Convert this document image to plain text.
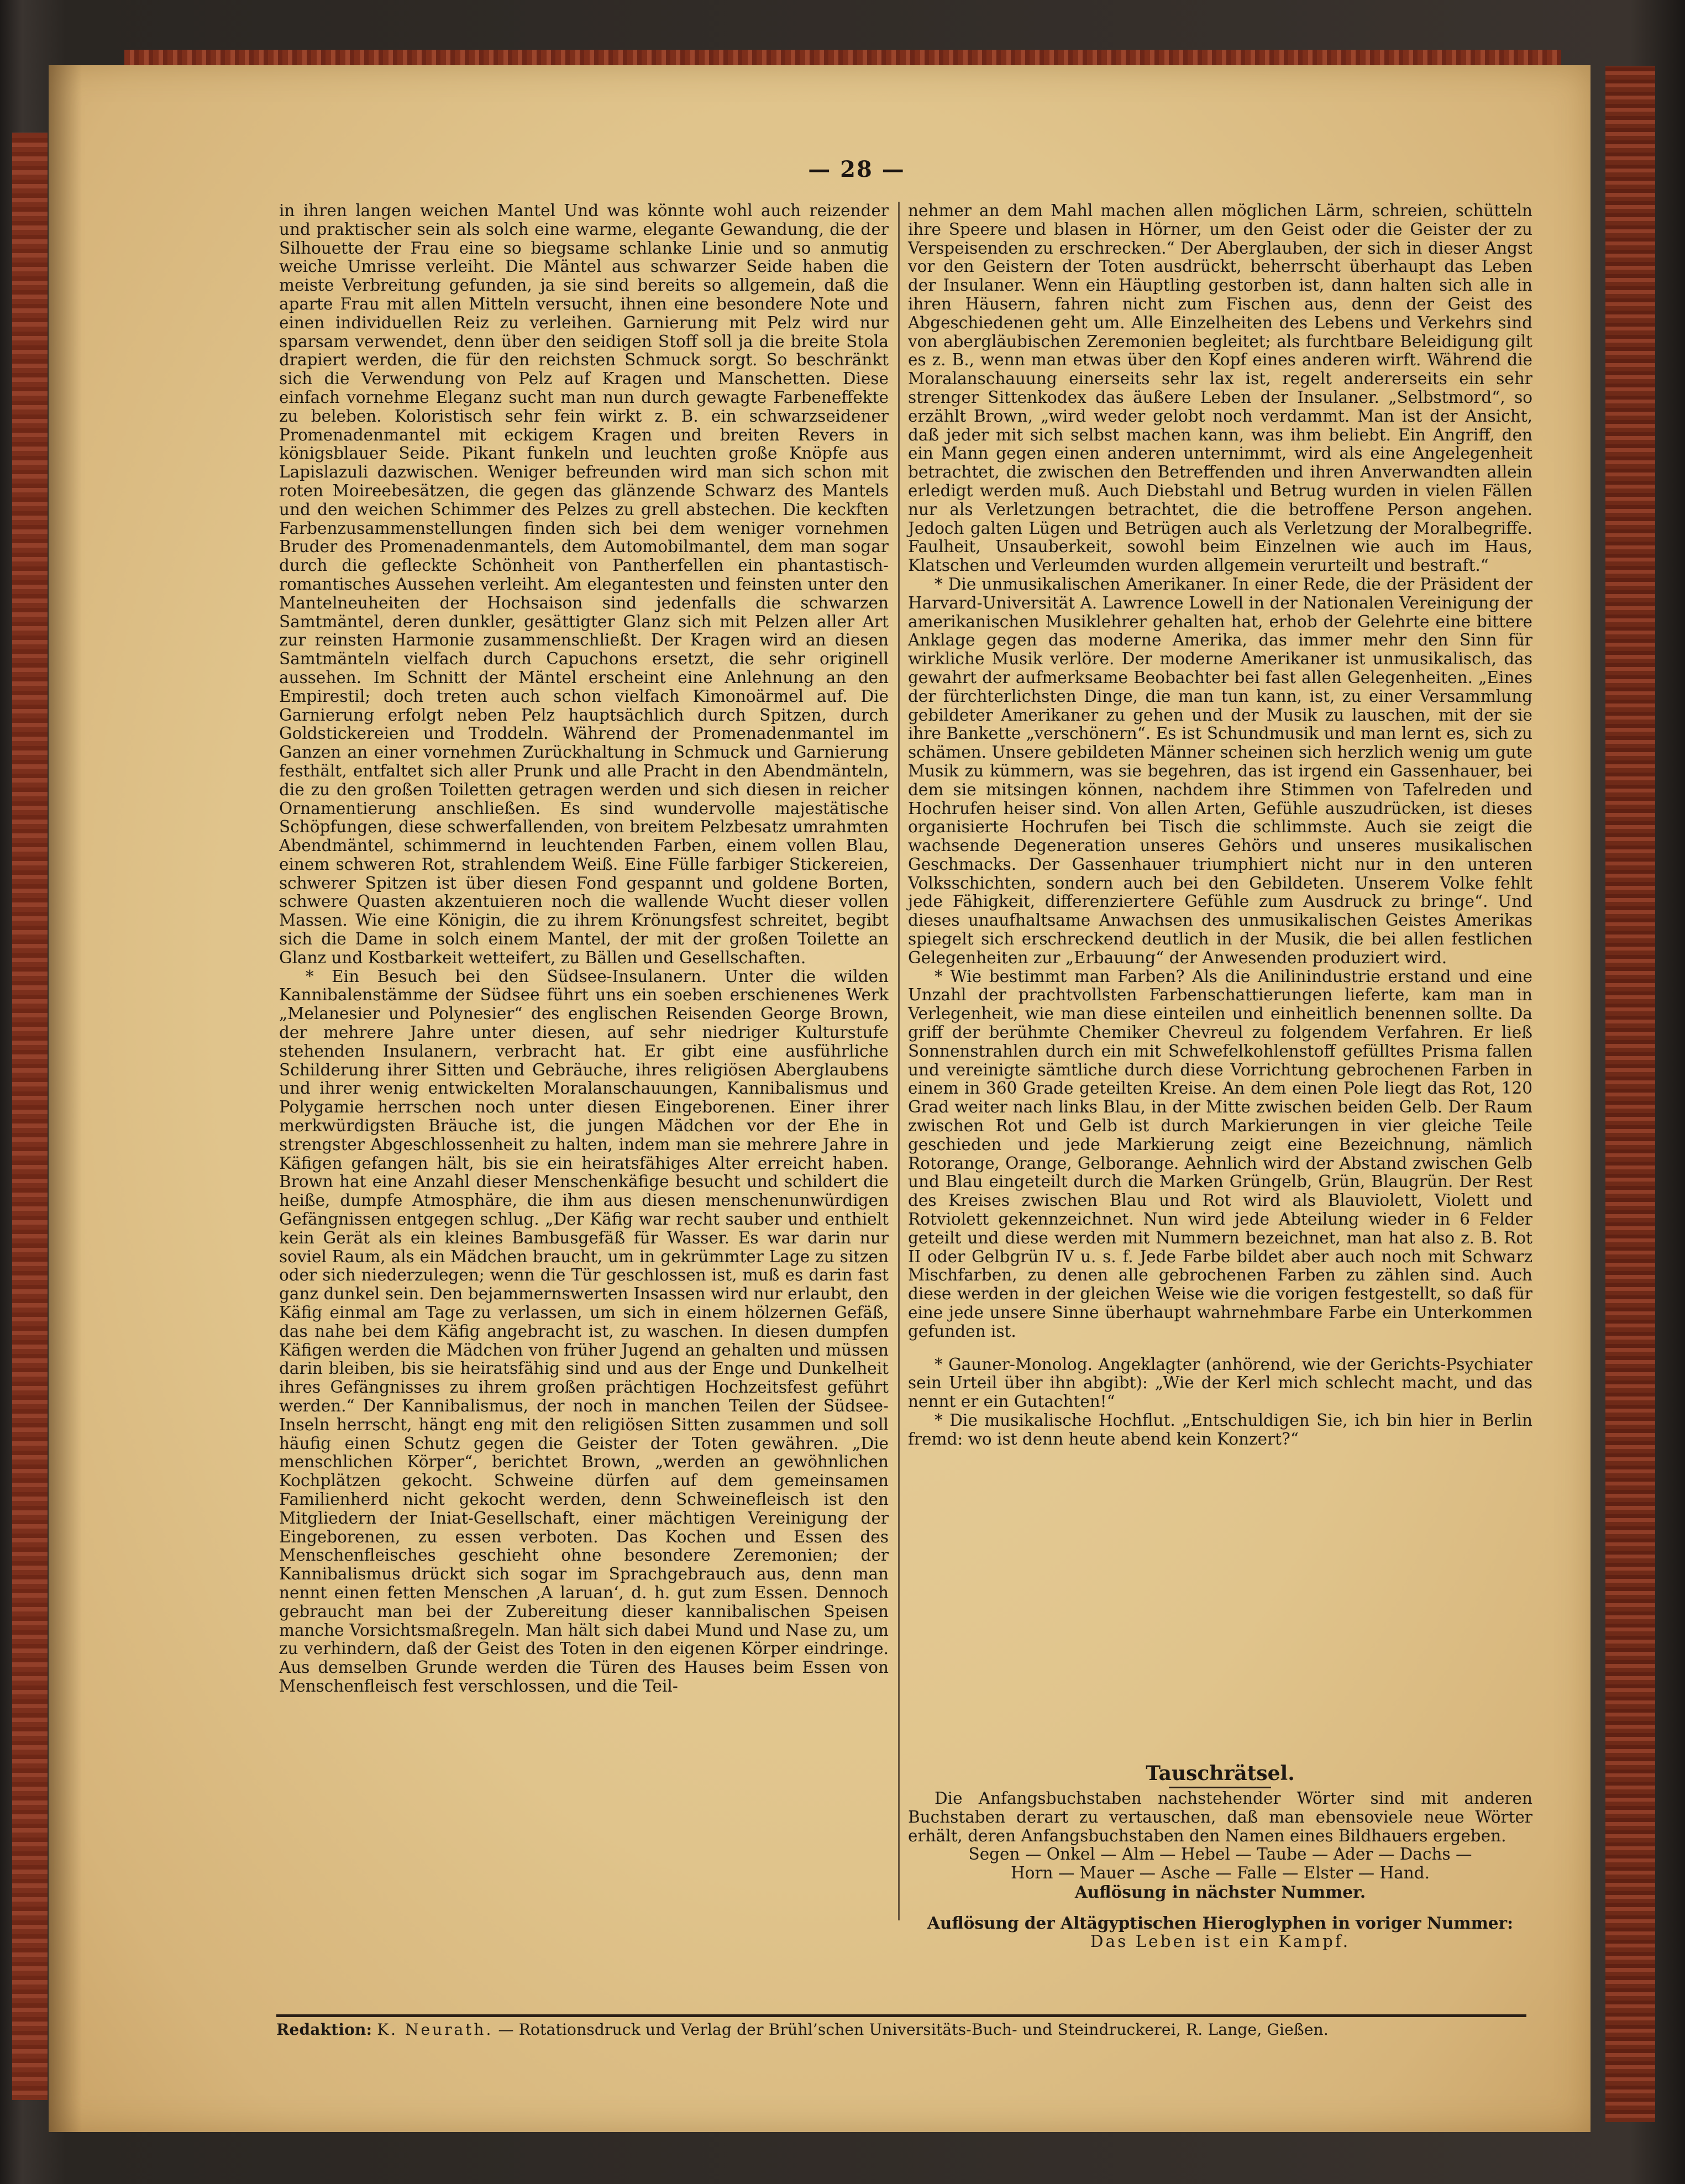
— 28 —

in ihren langen weichen Mantel Und was könnte wohl auch reizender und praktischer sein als solch eine warme, elegante Gewandung, die der Silhouette der Frau eine so biegsame schlanke Linie und so anmutig weiche Umrisse verleiht. Die Mäntel aus schwarzer Seide haben die meiste Verbreitung gefunden, ja sie sind bereits so allgemein, daß die aparte Frau mit allen Mitteln versucht, ihnen eine besondere Note und einen individuellen Reiz zu verleihen. Garnierung mit Pelz wird nur sparsam verwendet, denn über den seidigen Stoff soll ja die breite Stola drapiert werden, die für den reichsten Schmuck sorgt. So beschränkt sich die Verwendung von Pelz auf Kragen und Manschetten. Diese einfach vornehme Eleganz sucht man nun durch gewagte Farbeneffekte zu beleben. Koloristisch sehr fein wirkt z. B. ein schwarzseidener Promenadenmantel mit eckigem Kragen und breiten Revers in königsblauer Seide. Pikant funkeln und leuchten große Knöpfe aus Lapislazuli dazwischen. Weniger befreunden wird man sich schon mit roten Moireebesätzen, die gegen das glänzende Schwarz des Mantels und den weichen Schimmer des Pelzes zu grell abstechen. Die keckften Farbenzusammenstellungen finden sich bei dem weniger vornehmen Bruder des Promenadenmantels, dem Automobilmantel, dem man sogar durch die gefleckte Schönheit von Pantherfellen ein phantastisch-romantisches Aussehen verleiht. Am elegantesten und feinsten unter den Mantelneuheiten der Hochsaison sind jedenfalls die schwarzen Samtmäntel, deren dunkler, gesättigter Glanz sich mit Pelzen aller Art zur reinsten Harmonie zusammenschließt. Der Kragen wird an diesen Samtmänteln vielfach durch Capuchons ersetzt, die sehr originell aussehen. Im Schnitt der Mäntel erscheint eine Anlehnung an den Empirestil; doch treten auch schon vielfach Kimonoärmel auf. Die Garnierung erfolgt neben Pelz hauptsächlich durch Spitzen, durch Goldstickereien und Troddeln. Während der Promenadenmantel im Ganzen an einer vornehmen Zurückhaltung in Schmuck und Garnierung festhält, entfaltet sich aller Prunk und alle Pracht in den Abendmänteln, die zu den großen Toiletten getragen werden und sich diesen in reicher Ornamentierung anschließen. Es sind wundervolle majestätische Schöpfungen, diese schwerfallenden, von breitem Pelzbesatz umrahmten Abendmäntel, schimmernd in leuchtenden Farben, einem vollen Blau, einem schweren Rot, strahlendem Weiß. Eine Fülle farbiger Stickereien, schwerer Spitzen ist über diesen Fond gespannt und goldene Borten, schwere Quasten akzentuieren noch die wallende Wucht dieser vollen Massen. Wie eine Königin, die zu ihrem Krönungsfest schreitet, begibt sich die Dame in solch einem Mantel, der mit der großen Toilette an Glanz und Kostbarkeit wetteifert, zu Bällen und Gesellschaften.

* Ein Besuch bei den Südsee-Insulanern. Unter die wilden Kannibalenstämme der Südsee führt uns ein soeben erschienenes Werk „Melanesier und Polynesier“ des englischen Reisenden George Brown, der mehrere Jahre unter diesen, auf sehr niedriger Kulturstufe stehenden Insulanern, verbracht hat. Er gibt eine ausführliche Schilderung ihrer Sitten und Gebräuche, ihres religiösen Aberglaubens und ihrer wenig entwickelten Moralanschauungen, Kannibalismus und Polygamie herrschen noch unter diesen Eingeborenen. Einer ihrer merkwürdigsten Bräuche ist, die jungen Mädchen vor der Ehe in strengster Abgeschlossenheit zu halten, indem man sie mehrere Jahre in Käfigen gefangen hält, bis sie ein heiratsfähiges Alter erreicht haben. Brown hat eine Anzahl dieser Menschenkäfige besucht und schildert die heiße, dumpfe Atmosphäre, die ihm aus diesen menschenunwürdigen Gefängnissen entgegen schlug. „Der Käfig war recht sauber und enthielt kein Gerät als ein kleines Bambusgefäß für Wasser. Es war darin nur soviel Raum, als ein Mädchen braucht, um in gekrümmter Lage zu sitzen oder sich niederzulegen; wenn die Tür geschlossen ist, muß es darin fast ganz dunkel sein. Den bejammernswerten Insassen wird nur erlaubt, den Käfig einmal am Tage zu verlassen, um sich in einem hölzernen Gefäß, das nahe bei dem Käfig angebracht ist, zu waschen. In diesen dumpfen Käfigen werden die Mädchen von früher Jugend an gehalten und müssen darin bleiben, bis sie heiratsfähig sind und aus der Enge und Dunkelheit ihres Gefängnisses zu ihrem großen prächtigen Hochzeitsfest geführt werden.“ Der Kannibalismus, der noch in manchen Teilen der Südsee-Inseln herrscht, hängt eng mit den religiösen Sitten zusammen und soll häufig einen Schutz gegen die Geister der Toten gewähren. „Die menschlichen Körper“, berichtet Brown, „werden an gewöhnlichen Kochplätzen gekocht. Schweine dürfen auf dem gemeinsamen Familienherd nicht gekocht werden, denn Schweinefleisch ist den Mitgliedern der Iniat-Gesellschaft, einer mächtigen Vereinigung der Eingeborenen, zu essen verboten. Das Kochen und Essen des Menschenfleisches geschieht ohne besondere Zeremonien; der Kannibalismus drückt sich sogar im Sprachgebrauch aus, denn man nennt einen fetten Menschen ‚A laruan‘, d. h. gut zum Essen. Dennoch gebraucht man bei der Zubereitung dieser kannibalischen Speisen manche Vorsichtsmaßregeln. Man hält sich dabei Mund und Nase zu, um zu verhindern, daß der Geist des Toten in den eigenen Körper eindringe. Aus demselben Grunde werden die Türen des Hauses beim Essen von Menschenfleisch fest verschlossen, und die Teil-

nehmer an dem Mahl machen allen möglichen Lärm, schreien, schütteln ihre Speere und blasen in Hörner, um den Geist oder die Geister der zu Verspeisenden zu erschrecken.“ Der Aberglauben, der sich in dieser Angst vor den Geistern der Toten ausdrückt, beherrscht überhaupt das Leben der Insulaner. Wenn ein Häuptling gestorben ist, dann halten sich alle in ihren Häusern, fahren nicht zum Fischen aus, denn der Geist des Abgeschiedenen geht um. Alle Einzelheiten des Lebens und Verkehrs sind von abergläubischen Zeremonien begleitet; als furchtbare Beleidigung gilt es z. B., wenn man etwas über den Kopf eines anderen wirft. Während die Moralanschauung einerseits sehr lax ist, regelt andererseits ein sehr strenger Sittenkodex das äußere Leben der Insulaner. „Selbstmord“, so erzählt Brown, „wird weder gelobt noch verdammt. Man ist der Ansicht, daß jeder mit sich selbst machen kann, was ihm beliebt. Ein Angriff, den ein Mann gegen einen anderen unternimmt, wird als eine Angelegenheit betrachtet, die zwischen den Betreffenden und ihren Anverwandten allein erledigt werden muß. Auch Diebstahl und Betrug wurden in vielen Fällen nur als Verletzungen betrachtet, die die betroffene Person angehen. Jedoch galten Lügen und Betrügen auch als Verletzung der Moralbegriffe. Faulheit, Unsauberkeit, sowohl beim Einzelnen wie auch im Haus, Klatschen und Verleumden wurden allgemein verurteilt und bestraft.“

* Die unmusikalischen Amerikaner. In einer Rede, die der Präsident der Harvard-Universität A. Lawrence Lowell in der Nationalen Vereinigung der amerikanischen Musiklehrer gehalten hat, erhob der Gelehrte eine bittere Anklage gegen das moderne Amerika, das immer mehr den Sinn für wirkliche Musik verlöre. Der moderne Amerikaner ist unmusikalisch, das gewahrt der aufmerksame Beobachter bei fast allen Gelegenheiten. „Eines der fürchterlichsten Dinge, die man tun kann, ist, zu einer Versammlung gebildeter Amerikaner zu gehen und der Musik zu lauschen, mit der sie ihre Bankette „verschönern“. Es ist Schundmusik und man lernt es, sich zu schämen. Unsere gebildeten Männer scheinen sich herzlich wenig um gute Musik zu kümmern, was sie begehren, das ist irgend ein Gassenhauer, bei dem sie mitsingen können, nachdem ihre Stimmen von Tafelreden und Hochrufen heiser sind. Von allen Arten, Gefühle auszudrücken, ist dieses organisierte Hochrufen bei Tisch die schlimmste. Auch sie zeigt die wachsende Degeneration unseres Gehörs und unseres musikalischen Geschmacks. Der Gassenhauer triumphiert nicht nur in den unteren Volksschichten, sondern auch bei den Gebildeten. Unserem Volke fehlt jede Fähigkeit, differenziertere Gefühle zum Ausdruck zu bringe“. Und dieses unaufhaltsame Anwachsen des unmusikalischen Geistes Amerikas spiegelt sich erschreckend deutlich in der Musik, die bei allen festlichen Gelegenheiten zur „Erbauung“ der Anwesenden produziert wird.

* Wie bestimmt man Farben? Als die Anilinindustrie erstand und eine Unzahl der prachtvollsten Farbenschattierungen lieferte, kam man in Verlegenheit, wie man diese einteilen und einheitlich benennen sollte. Da griff der berühmte Chemiker Chevreul zu folgendem Verfahren. Er ließ Sonnenstrahlen durch ein mit Schwefelkohlenstoff gefülltes Prisma fallen und vereinigte sämtliche durch diese Vorrichtung gebrochenen Farben in einem in 360 Grade geteilten Kreise. An dem einen Pole liegt das Rot, 120 Grad weiter nach links Blau, in der Mitte zwischen beiden Gelb. Der Raum zwischen Rot und Gelb ist durch Markierungen in vier gleiche Teile geschieden und jede Markierung zeigt eine Bezeichnung, nämlich Rotorange, Orange, Gelborange. Aehnlich wird der Abstand zwischen Gelb und Blau eingeteilt durch die Marken Grüngelb, Grün, Blaugrün. Der Rest des Kreises zwischen Blau und Rot wird als Blauviolett, Violett und Rotviolett gekennzeichnet. Nun wird jede Abteilung wieder in 6 Felder geteilt und diese werden mit Nummern bezeichnet, man hat also z. B. Rot II oder Gelbgrün IV u. s. f. Jede Farbe bildet aber auch noch mit Schwarz Mischfarben, zu denen alle gebrochenen Farben zu zählen sind. Auch diese werden in der gleichen Weise wie die vorigen festgestellt, so daß für eine jede unsere Sinne überhaupt wahrnehmbare Farbe ein Unterkommen gefunden ist.

* Gauner-Monolog. Angeklagter (anhörend, wie der Gerichts-Psychiater sein Urteil über ihn abgibt): „Wie der Kerl mich schlecht macht, und das nennt er ein Gutachten!“

* Die musikalische Hochflut. „Entschuldigen Sie, ich bin hier in Berlin fremd: wo ist denn heute abend kein Konzert?“

Tauschrätsel.

Die Anfangsbuchstaben nachstehender Wörter sind mit anderen Buchstaben derart zu vertauschen, daß man ebensoviele neue Wörter erhält, deren Anfangsbuchstaben den Namen eines Bildhauers ergeben.

Segen — Onkel — Alm — Hebel — Taube — Ader — Dachs —

Horn — Mauer — Asche — Falle — Elster — Hand.

Auflösung in nächster Nummer.

Auflösung der Altägyptischen Hieroglyphen in voriger Nummer:

Das Leben ist ein Kampf.

Redaktion: K. Neurath. — Rotationsdruck und Verlag der Brühl’schen Universitäts-Buch- und Steindruckerei, R. Lange, Gießen.
